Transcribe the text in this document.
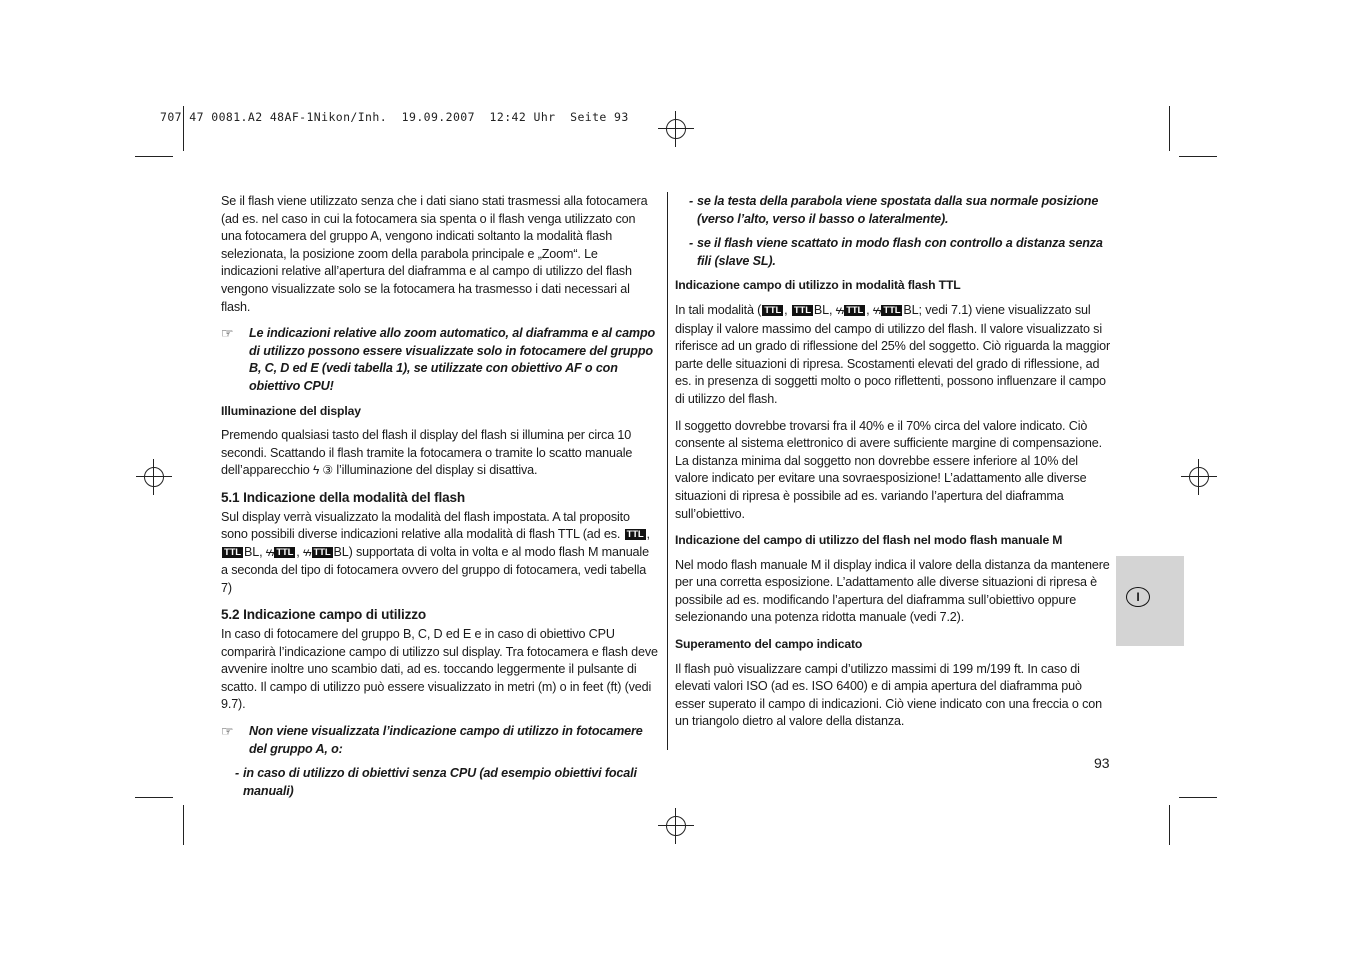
707 47 0081.A2 48AF-1Nikon/Inh.  19.09.2007  12:42 Uhr  Seite 93

Se il flash viene utilizzato senza che i dati siano stati trasmessi alla fotocamera (ad es. nel caso in cui la fotocamera sia spenta o il flash venga utilizzato con una fotocamera del gruppo A, vengono indicati soltanto la modalità flash selezionata, la posizione zoom della parabola principale e „Zoom“. Le indicazioni relative all’apertura del diaframma e al campo di utilizzo del flash vengono visualizzate solo se la fotocamera ha trasmesso i dati necessari al flash.

☞ Le indicazioni relative allo zoom automatico, al diaframma e al campo di utilizzo possono essere visualizzate solo in fotocamere del gruppo B, C, D ed E (vedi tabella 1), se utilizzate con obiettivo AF o con obiettivo CPU!
Illuminazione del display

Premendo qualsiasi tasto del flash il display del flash si illumina per circa 10 secondi. Scattando il flash tramite la fotocamera o tramite lo scatto manuale dell’apparecchio ϟ ③ l’illuminazione del display si disattiva.

5.1 Indicazione della modalità del flash

Sul display verrà visualizzato la modalità del flash impostata. A tal proposito sono possibili diverse indicazioni relative alla modalità di flash TTL (ad es. TTL , TTL BL, ϟϟ TTL , ϟϟ TTL BL) supportata di volta in volta e al modo flash M manuale a seconda del tipo di fotocamera ovvero del gruppo di fotocamera, vedi tabella 7)

5.2 Indicazione campo di utilizzo

In caso di fotocamere del gruppo B, C, D ed E e in caso di obiettivo CPU comparirà l’indicazione campo di utilizzo sul display. Tra fotocamera e flash deve avvenire inoltre uno scambio dati, ad es. toccando leggermente il pulsante di scatto. Il campo di utilizzo può essere visualizzato in metri (m) o in feet (ft) (vedi 9.7).

☞ Non viene visualizzata l’indicazione campo di utilizzo in fotocamere del gruppo A, o:
- in caso di utilizzo di obiettivi senza CPU (ad esempio obiettivi focali manuali)
- se la testa della parabola viene spostata dalla sua normale posizione (verso l’alto, verso il basso o lateralmente).
- se il flash viene scattato in modo flash con controllo a distanza senza fili (slave SL).
Indicazione campo di utilizzo in modalità flash TTL

In tali modalità ( TTL , TTL BL, ϟϟ TTL , ϟϟ TTL BL; vedi 7.1) viene visualizzato sul display il valore massimo del campo di utilizzo del flash. Il valore visualizzato si riferisce ad un grado di riflessione del 25% del soggetto. Ciò riguarda la maggior parte delle situazioni di ripresa. Scostamenti elevati del grado di riflessione, ad es. in presenza di soggetti molto o poco riflettenti, possono influenzare il campo di utilizzo del flash.

Il soggetto dovrebbe trovarsi fra il 40% e il 70% circa del valore indicato. Ciò consente al sistema elettronico di avere sufficiente margine di compensazione. La distanza minima dal soggetto non dovrebbe essere inferiore al 10% del valore indicato per evitare una sovraesposizione! L’adattamento alle diverse situazioni di ripresa è possibile ad es. variando l’apertura del diaframma sull’obiettivo.

Indicazione del campo di utilizzo del flash nel modo flash manuale M

Nel modo flash manuale M il display indica il valore della distanza da mantenere per una corretta esposizione. L’adattamento alle diverse situazioni di ripresa è possibile ad es. modificando l’apertura del diaframma sull’obiettivo oppure selezionando una potenza ridotta manuale (vedi 7.2).

Superamento del campo indicato

Il flash può visualizzare campi d’utilizzo massimi di 199 m/199 ft. In caso di elevati valori ISO (ad es. ISO 6400) e di ampia apertura del diaframma può esser superato il campo di indicazioni. Ciò viene indicato con una freccia o con un triangolo dietro al valore della distanza.

I
93
